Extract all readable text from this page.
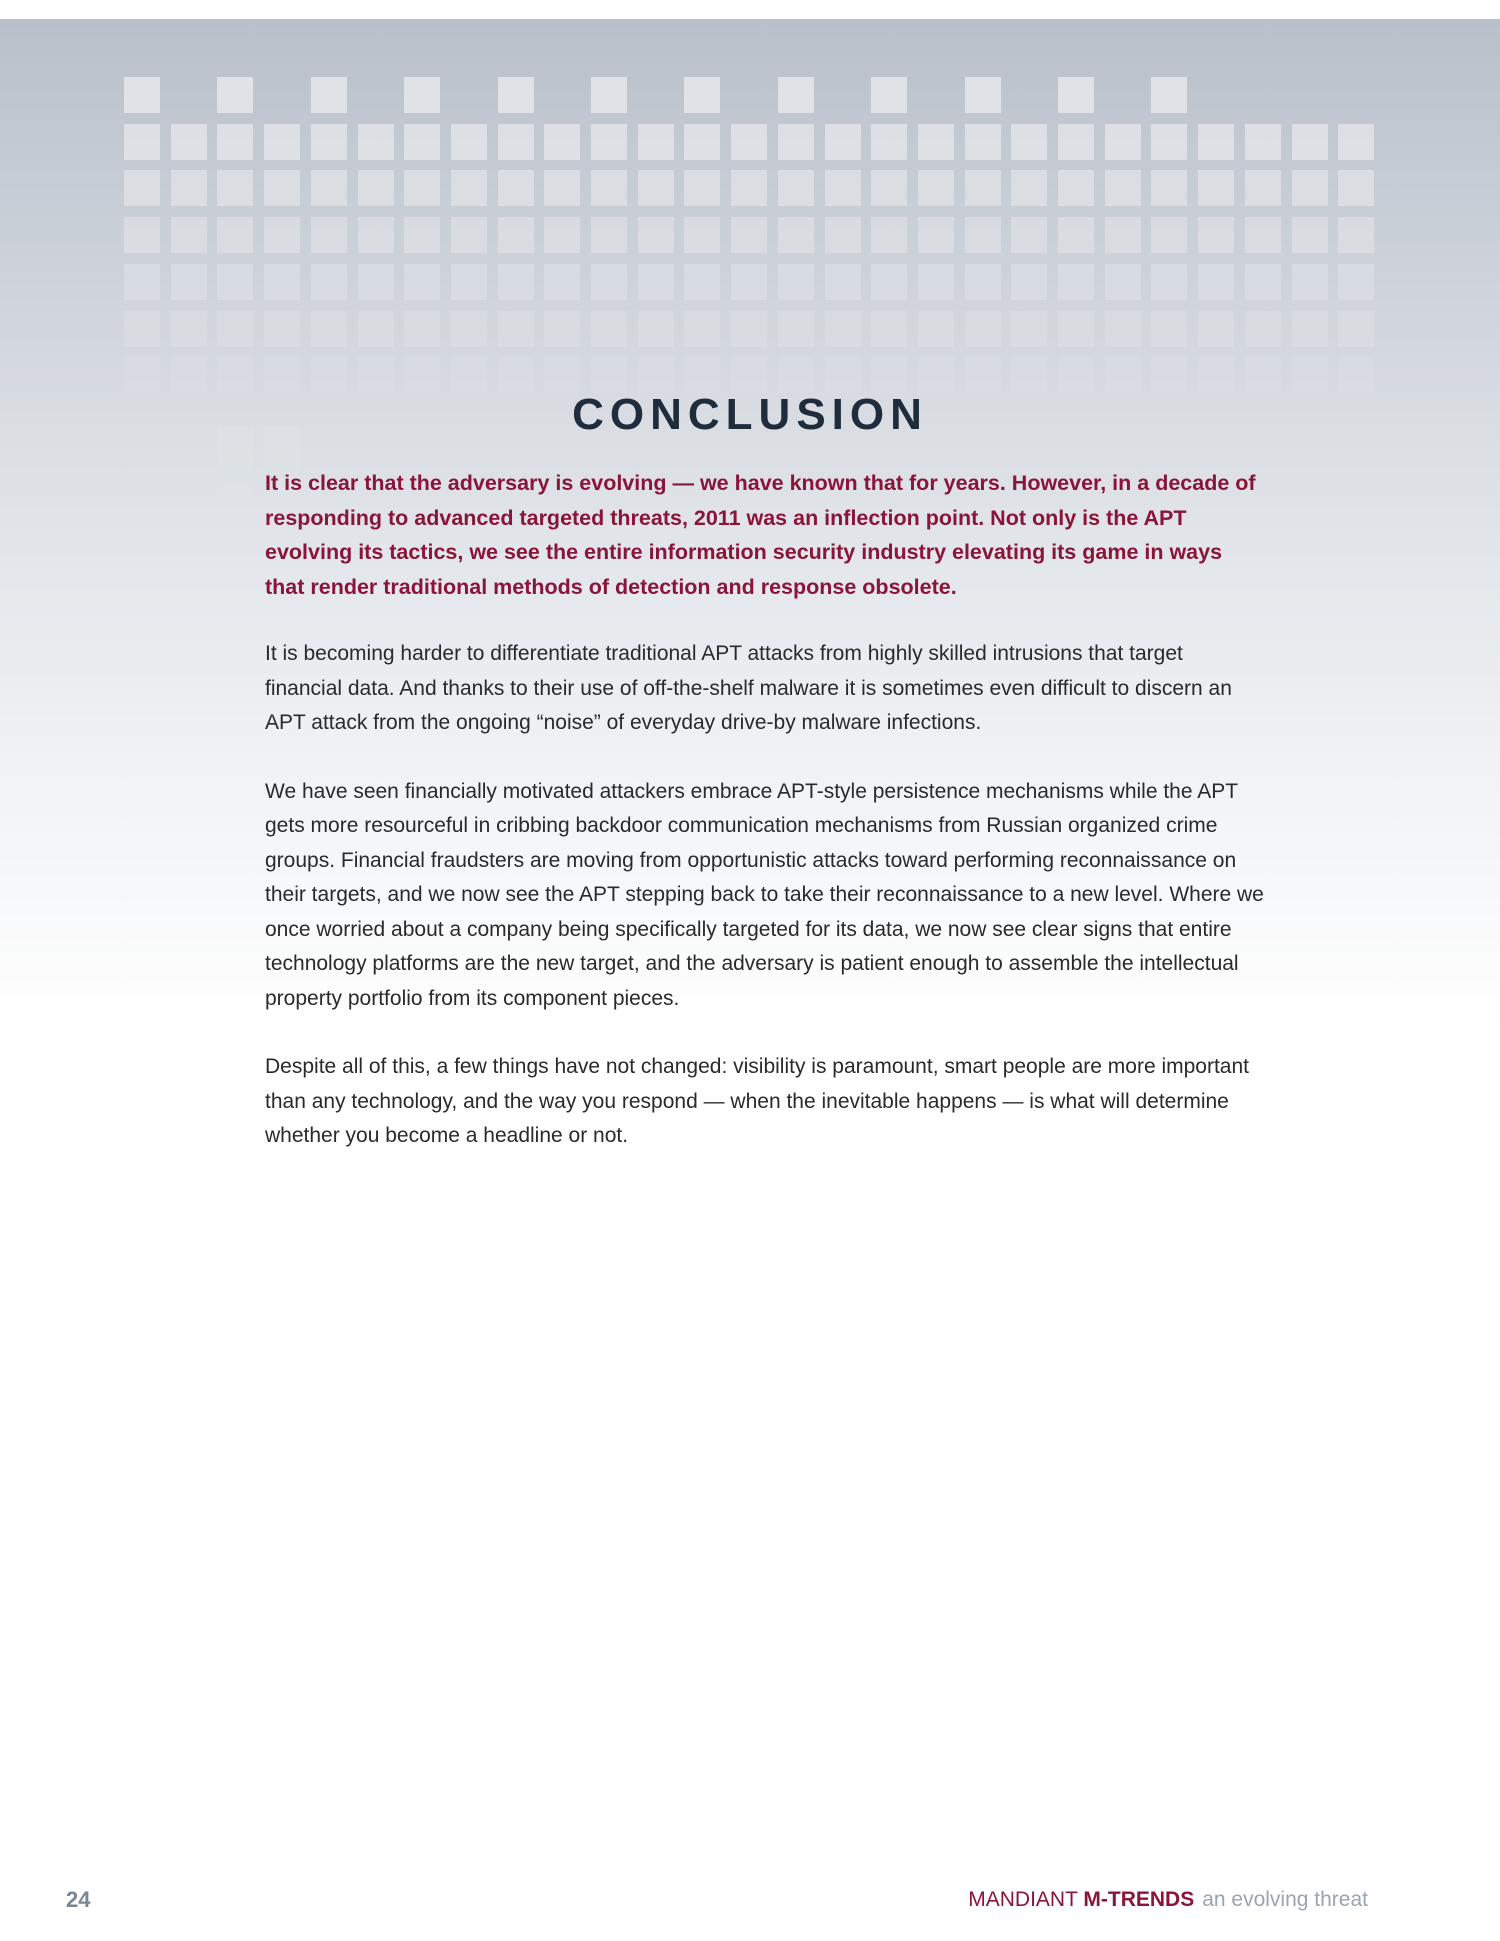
CONCLUSION

It is clear that the adversary is evolving — we have known that for years. However, in a decade of responding to advanced targeted threats, 2011 was an inflection point. Not only is the APT evolving its tactics, we see the entire information security industry elevating its game in ways that render traditional methods of detection and response obsolete.

It is becoming harder to differentiate traditional APT attacks from highly skilled intrusions that target financial data. And thanks to their use of off-the-shelf malware it is sometimes even difficult to discern an APT attack from the ongoing “noise” of everyday drive-by malware infections.

We have seen financially motivated attackers embrace APT-style persistence mechanisms while the APT gets more resourceful in cribbing backdoor communication mechanisms from Russian organized crime groups. Financial fraudsters are moving from opportunistic attacks toward performing reconnaissance on their targets, and we now see the APT stepping back to take their reconnaissance to a new level. Where we once worried about a company being specifically targeted for its data, we now see clear signs that entire technology platforms are the new target, and the adversary is patient enough to assemble the intellectual property portfolio from its component pieces.

Despite all of this, a few things have not changed: visibility is paramount, smart people are more important than any technology, and the way you respond — when the inevitable happens — is what will determine whether you become a headline or not.

24	MANDIANT M-TRENDS an evolving threat
